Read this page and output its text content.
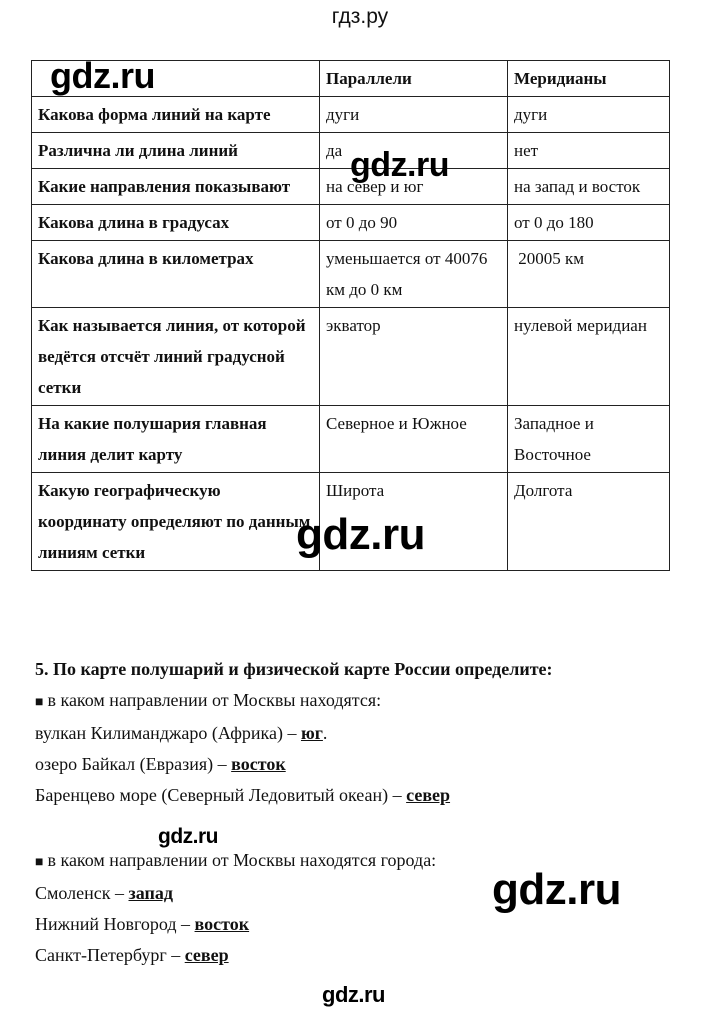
гдз.ру
	Параллели	Меридианы
Какова форма линий на карте	дуги	дуги
Различна ли длина линий	да	нет
Какие направления показывают	на север и юг	на запад и восток
Какова длина в градусах	от 0 до 90	от 0 до 180
Какова длина в километрах	уменьшается от 40076 км до 0 км	20005 км
Как называется линия, от которой ведётся отсчёт линий градусной сетки	экватор	нулевой меридиан
На какие полушария главная линия делит карту	Северное и Южное	Западное и Восточное
Какую географическую координату определяют по данным линиям сетки	Широта	Долгота
5. По карте полушарий и физической карте России определите:
■ в каком направлении от Москвы находятся:
вулкан Килиманджаро (Африка) – юг.
озеро Байкал (Евразия) – восток
Баренцево море (Северный Ледовитый океан) – север
■ в каком направлении от Москвы находятся города:
Смоленск – запад
Нижний Новгород – восток
Санкт-Петербург – север
gdz.ru
gdz.ru
gdz.ru
gdz.ru
gdz.ru
gdz.ru
